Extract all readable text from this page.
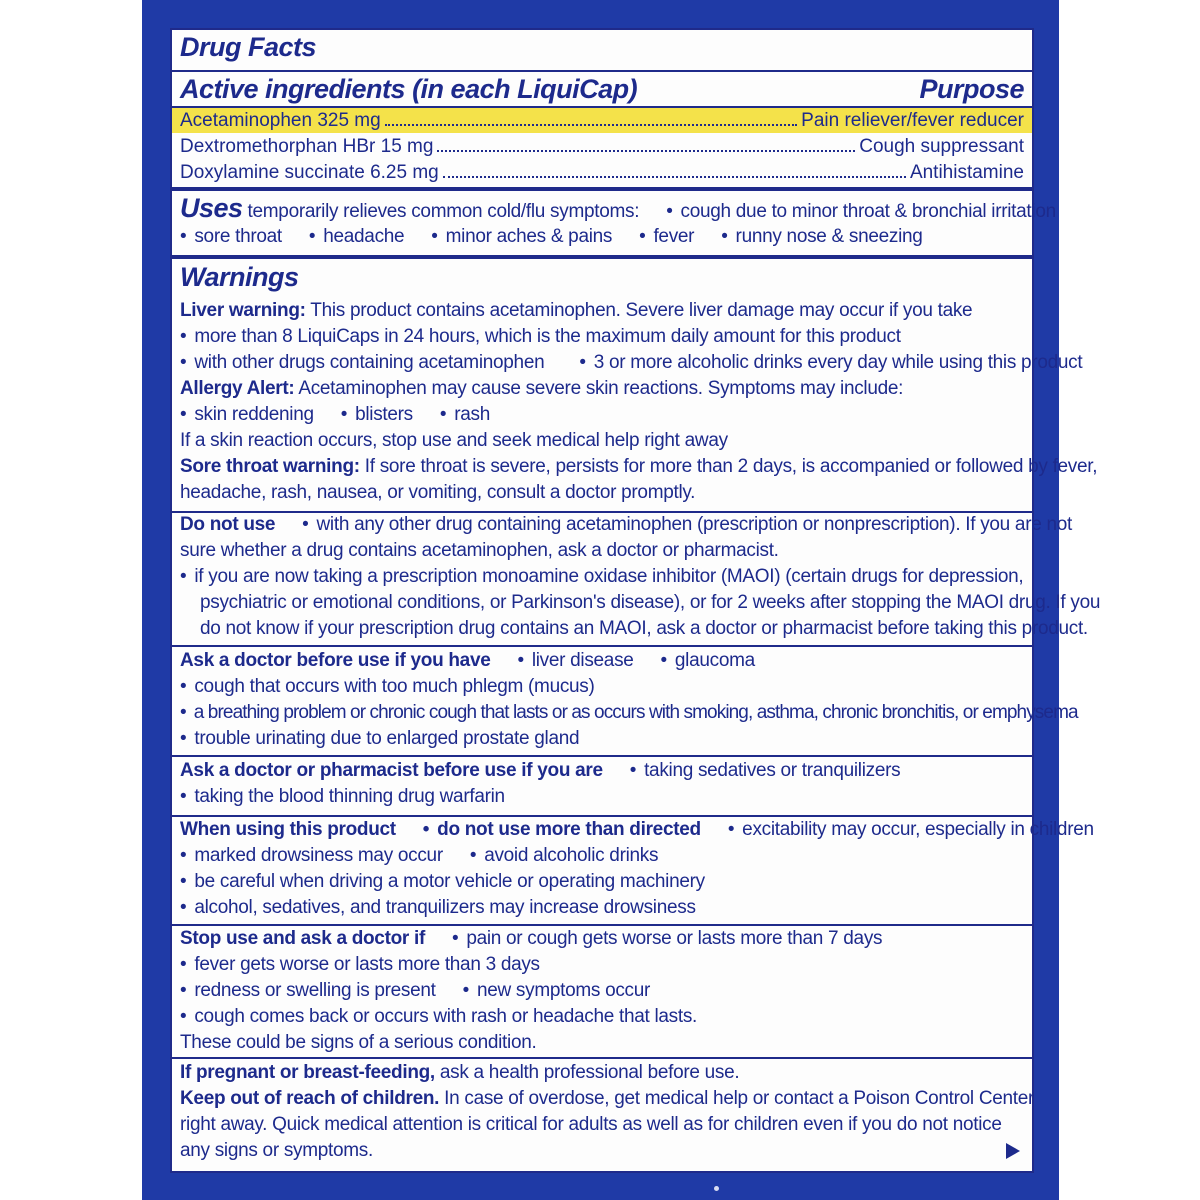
Drug Facts
Active ingredients (in each LiquiCap)	Purpose
Acetaminophen 325 mg	Pain reliever/fever reducer
Dextromethorphan HBr 15 mg	Cough suppressant
Doxylamine succinate 6.25 mg	Antihistamine
Uses temporarily relieves common cold/flu symptoms: • cough due to minor throat & bronchial irritation
• sore throat • headache • minor aches & pains • fever • runny nose & sneezing
Warnings
Liver warning: This product contains acetaminophen. Severe liver damage may occur if you take
• more than 8 LiquiCaps in 24 hours, which is the maximum daily amount for this product
• with other drugs containing acetaminophen	• 3 or more alcoholic drinks every day while using this product
Allergy Alert: Acetaminophen may cause severe skin reactions. Symptoms may include:
• skin reddening • blisters • rash
If a skin reaction occurs, stop use and seek medical help right away
Sore throat warning: If sore throat is severe, persists for more than 2 days, is accompanied or followed by fever,
headache, rash, nausea, or vomiting, consult a doctor promptly.
Do not use • with any other drug containing acetaminophen (prescription or nonprescription). If you are not
sure whether a drug contains acetaminophen, ask a doctor or pharmacist.
• if you are now taking a prescription monoamine oxidase inhibitor (MAOI) (certain drugs for depression,
psychiatric or emotional conditions, or Parkinson's disease), or for 2 weeks after stopping the MAOI drug. If you
do not know if your prescription drug contains an MAOI, ask a doctor or pharmacist before taking this product.
Ask a doctor before use if you have • liver disease • glaucoma
• cough that occurs with too much phlegm (mucus)
• a breathing problem or chronic cough that lasts or as occurs with smoking, asthma, chronic bronchitis, or emphysema
• trouble urinating due to enlarged prostate gland
Ask a doctor or pharmacist before use if you are • taking sedatives or tranquilizers
• taking the blood thinning drug warfarin
When using this product • do not use more than directed • excitability may occur, especially in children
• marked drowsiness may occur • avoid alcoholic drinks
• be careful when driving a motor vehicle or operating machinery
• alcohol, sedatives, and tranquilizers may increase drowsiness
Stop use and ask a doctor if • pain or cough gets worse or lasts more than 7 days
• fever gets worse or lasts more than 3 days
• redness or swelling is present • new symptoms occur
• cough comes back or occurs with rash or headache that lasts.
These could be signs of a serious condition.
If pregnant or breast-feeding, ask a health professional before use.
Keep out of reach of children. In case of overdose, get medical help or contact a Poison Control Center
right away. Quick medical attention is critical for adults as well as for children even if you do not notice
any signs or symptoms.
